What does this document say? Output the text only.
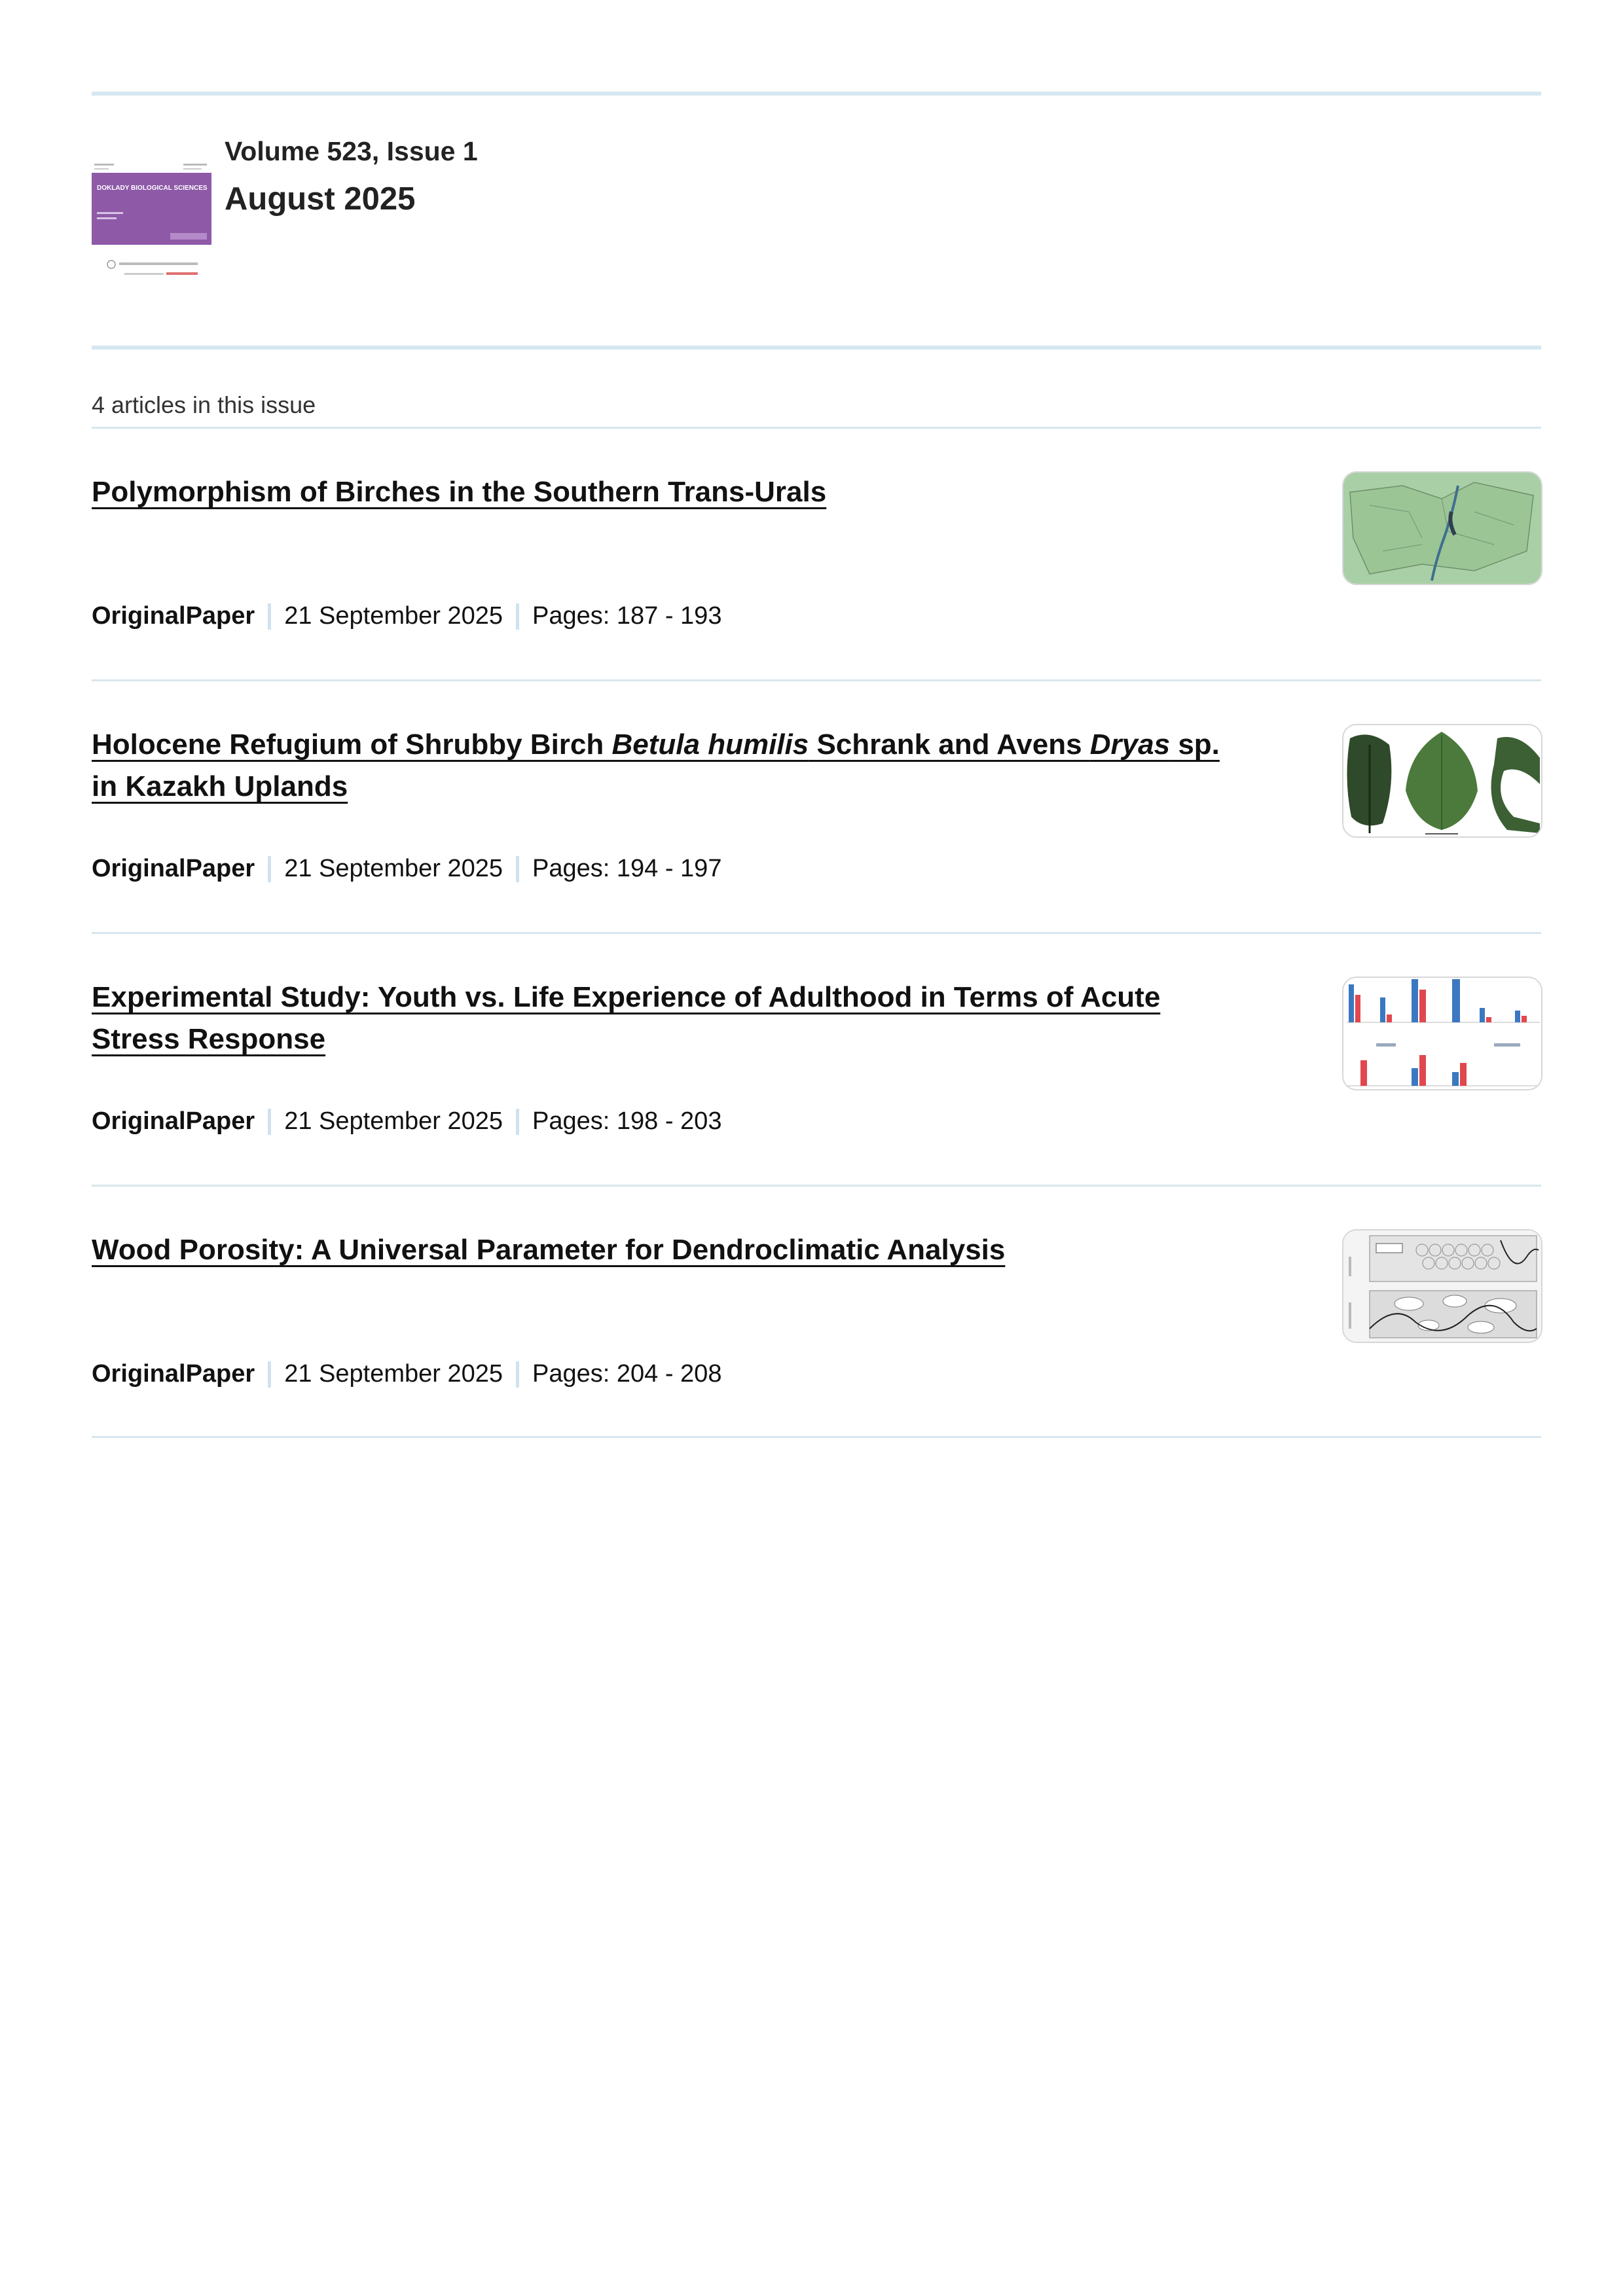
DOKLADY BIOLOGICAL SCIENCES
Volume 523, Issue 1
August 2025
4 articles in this issue
Polymorphism of Birches in the Southern Trans-Urals
OriginalPaper 21 September 2025 Pages: 187 - 193
Holocene Refugium of Shrubby Birch Betula humilis Schrank and Avens Dryas sp. in Kazakh Uplands
OriginalPaper 21 September 2025 Pages: 194 - 197
Experimental Study: Youth vs. Life Experience of Adulthood in Terms of Acute Stress Response
OriginalPaper 21 September 2025 Pages: 198 - 203
Wood Porosity: A Universal Parameter for Dendroclimatic Analysis
OriginalPaper 21 September 2025 Pages: 204 - 208
